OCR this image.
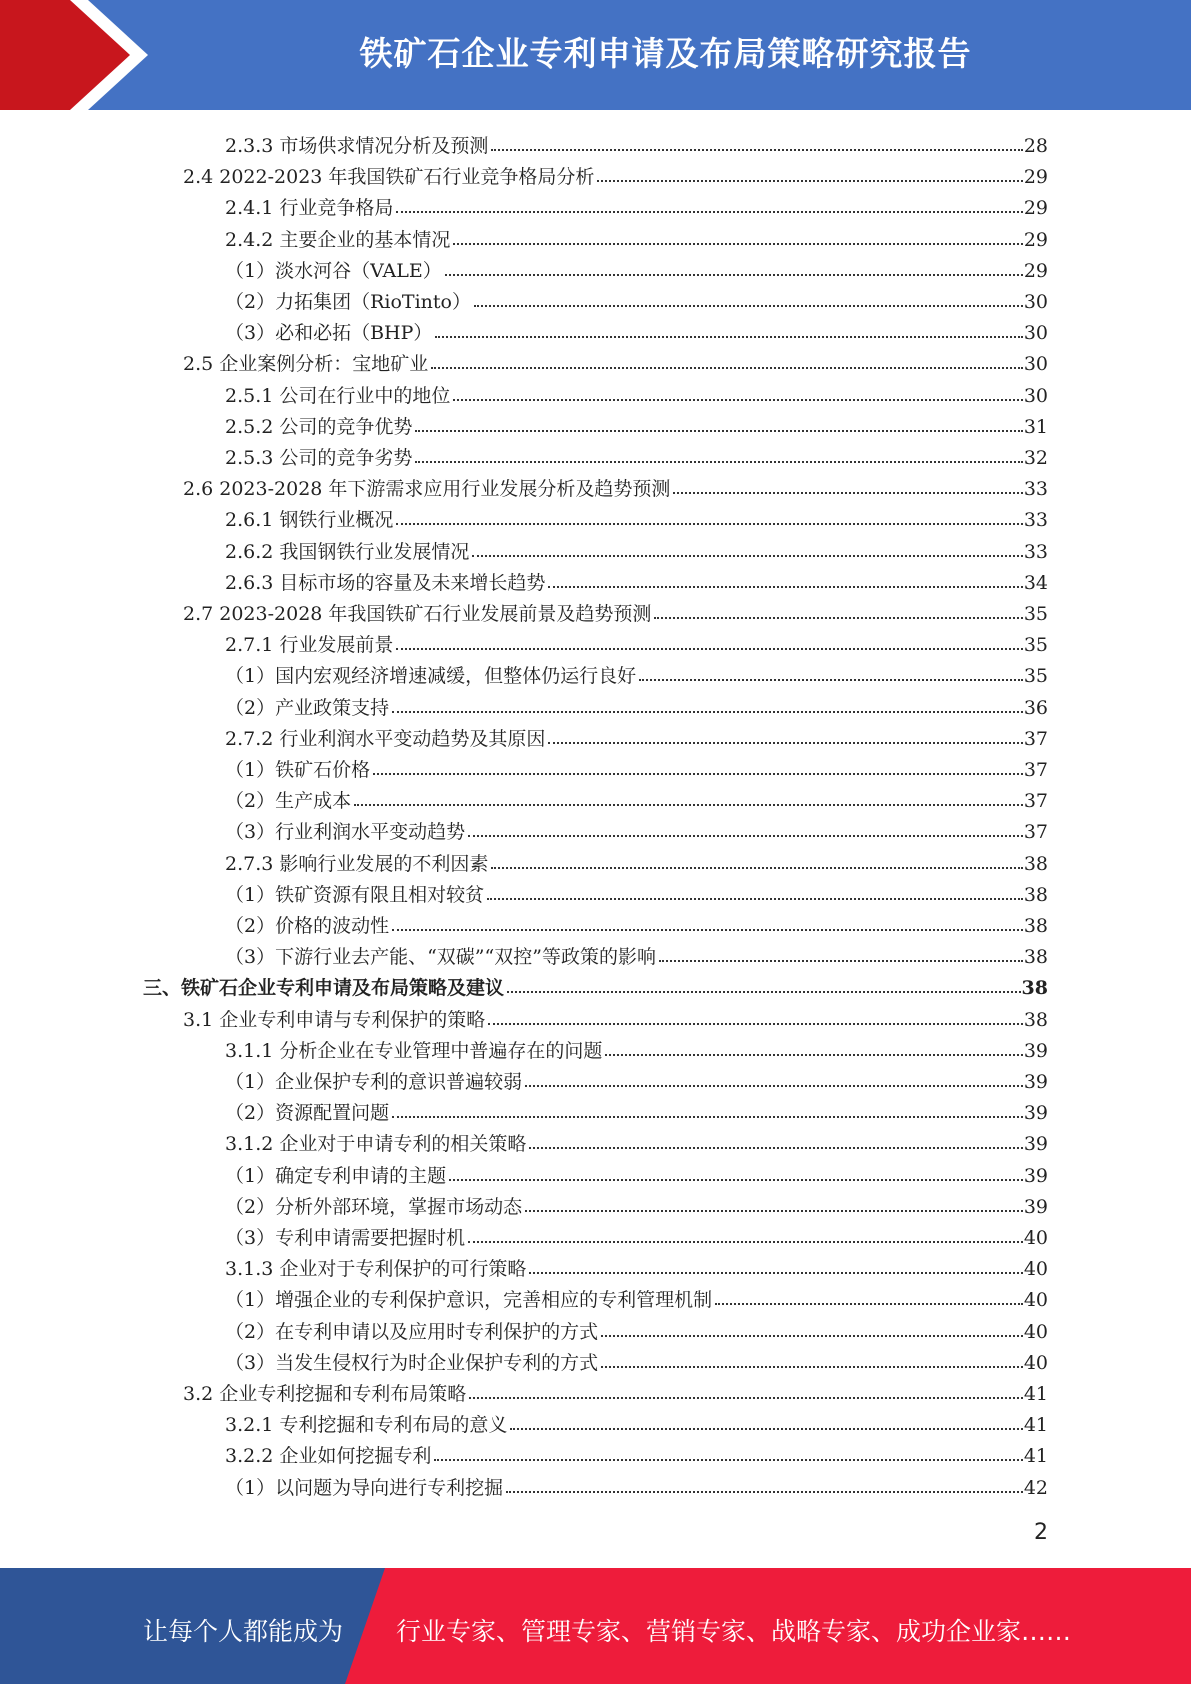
铁矿石企业专利申请及布局策略研究报告
2.3.3 市场供求情况分析及预测	28
2.4 2022-2023 年我国铁矿石行业竞争格局分析	29
2.4.1 行业竞争格局	29
2.4.2 主要企业的基本情况	29
（1）淡水河谷（VALE）	29
（2）力拓集团（RioTinto）	30
（3）必和必拓（BHP）	30
2.5 企业案例分析：宝地矿业	30
2.5.1 公司在行业中的地位	30
2.5.2 公司的竞争优势	31
2.5.3 公司的竞争劣势	32
2.6 2023-2028 年下游需求应用行业发展分析及趋势预测	33
2.6.1 钢铁行业概况	33
2.6.2 我国钢铁行业发展情况	33
2.6.3 目标市场的容量及未来增长趋势	34
2.7 2023-2028 年我国铁矿石行业发展前景及趋势预测	35
2.7.1 行业发展前景	35
（1）国内宏观经济增速减缓，但整体仍运行良好	35
（2）产业政策支持	36
2.7.2 行业利润水平变动趋势及其原因	37
（1）铁矿石价格	37
（2）生产成本	37
（3）行业利润水平变动趋势	37
2.7.3 影响行业发展的不利因素	38
（1）铁矿资源有限且相对较贫	38
（2）价格的波动性	38
（3）下游行业去产能、“双碳”“双控”等政策的影响	38
三、铁矿石企业专利申请及布局策略及建议	38
3.1 企业专利申请与专利保护的策略	38
3.1.1 分析企业在专业管理中普遍存在的问题	39
（1）企业保护专利的意识普遍较弱	39
（2）资源配置问题	39
3.1.2 企业对于申请专利的相关策略	39
（1）确定专利申请的主题	39
（2）分析外部环境，掌握市场动态	39
（3）专利申请需要把握时机	40
3.1.3 企业对于专利保护的可行策略	40
（1）增强企业的专利保护意识，完善相应的专利管理机制	40
（2）在专利申请以及应用时专利保护的方式	40
（3）当发生侵权行为时企业保护专利的方式	40
3.2 企业专利挖掘和专利布局策略	41
3.2.1 专利挖掘和专利布局的意义	41
3.2.2 企业如何挖掘专利	41
（1）以问题为导向进行专利挖掘	42
2
让每个人都能成为 行业专家、管理专家、营销专家、战略专家、成功企业家……
